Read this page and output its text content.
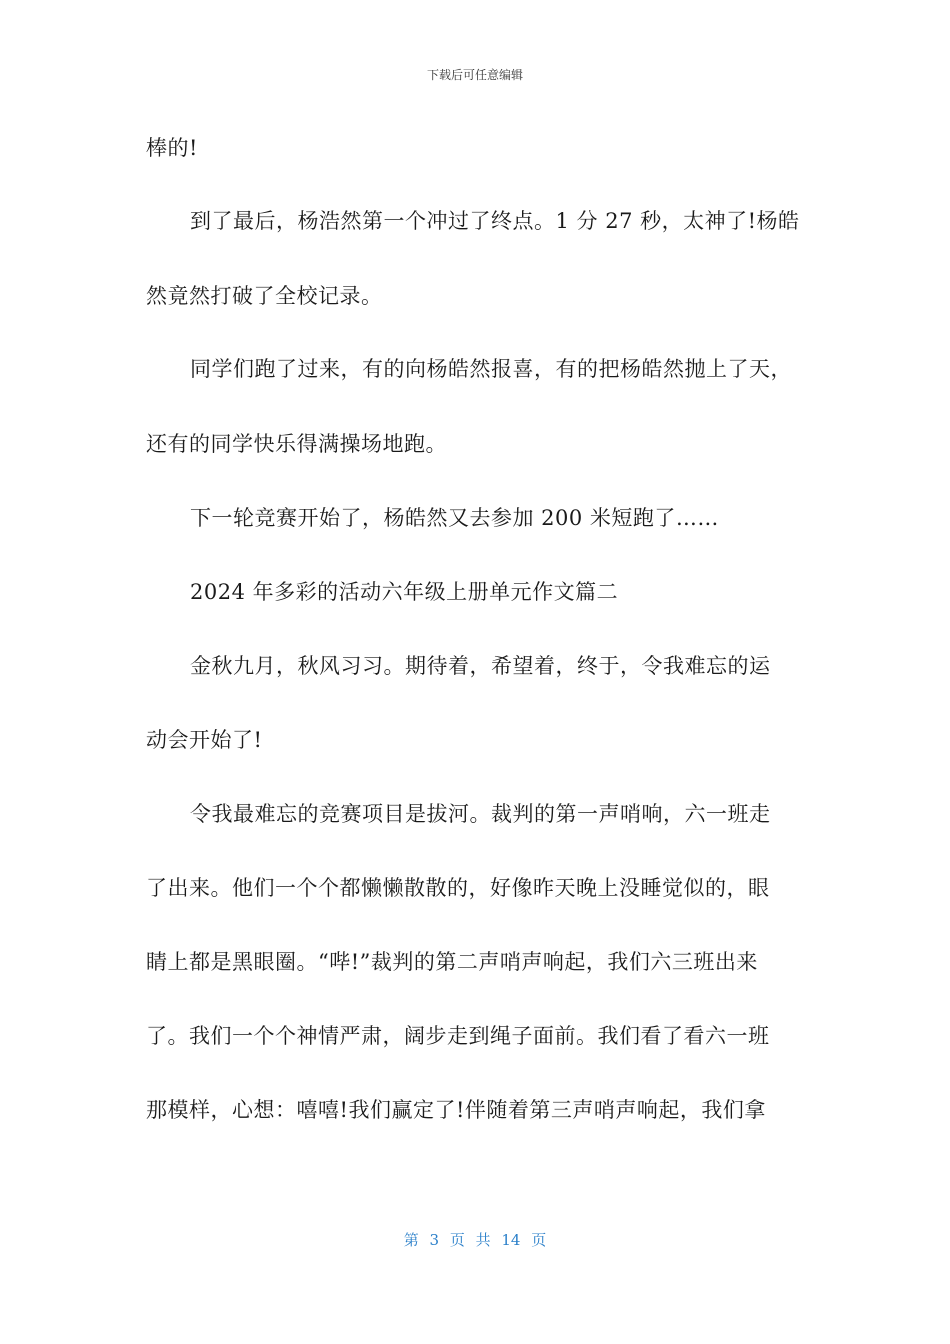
下载后可任意编辑
棒的!
到了最后，杨浩然第一个冲过了终点。1 分 27 秒，太神了!杨皓
然竟然打破了全校记录。
同学们跑了过来，有的向杨皓然报喜，有的把杨皓然抛上了天，
还有的同学快乐得满操场地跑。
下一轮竞赛开始了，杨皓然又去参加 200 米短跑了……
2024 年多彩的活动六年级上册单元作文篇二
金秋九月，秋风习习。期待着，希望着，终于，令我难忘的运
动会开始了!
令我最难忘的竞赛项目是拔河。裁判的第一声哨响，六一班走
了出来。他们一个个都懒懒散散的，好像昨天晚上没睡觉似的，眼
睛上都是黑眼圈。“哔!”裁判的第二声哨声响起，我们六三班出来
了。我们一个个神情严肃，阔步走到绳子面前。我们看了看六一班
那模样，心想：嘻嘻!我们赢定了!伴随着第三声哨声响起，我们拿
第 3 页 共 14 页
